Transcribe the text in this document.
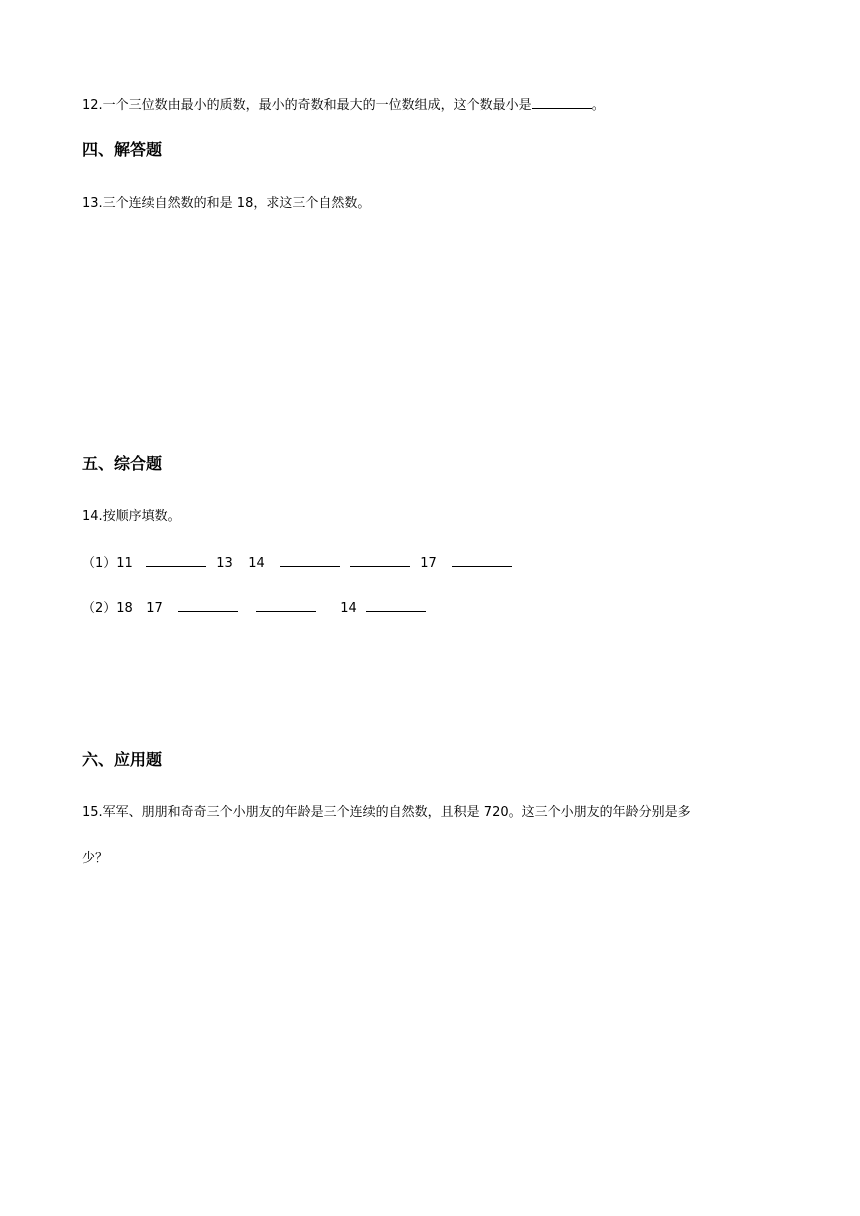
12.一个三位数由最小的质数，最小的奇数和最大的一位数组成，这个数最小是	。
四、解答题
13.三个连续自然数的和是 18，求这三个自然数。
五、综合题
14.按顺序填数。
（1）11	13 14	17
（2）18 17	14
六、应用题
15.军军、朋朋和奇奇三个小朋友的年龄是三个连续的自然数，且积是 720。这三个小朋友的年龄分别是多
少？
